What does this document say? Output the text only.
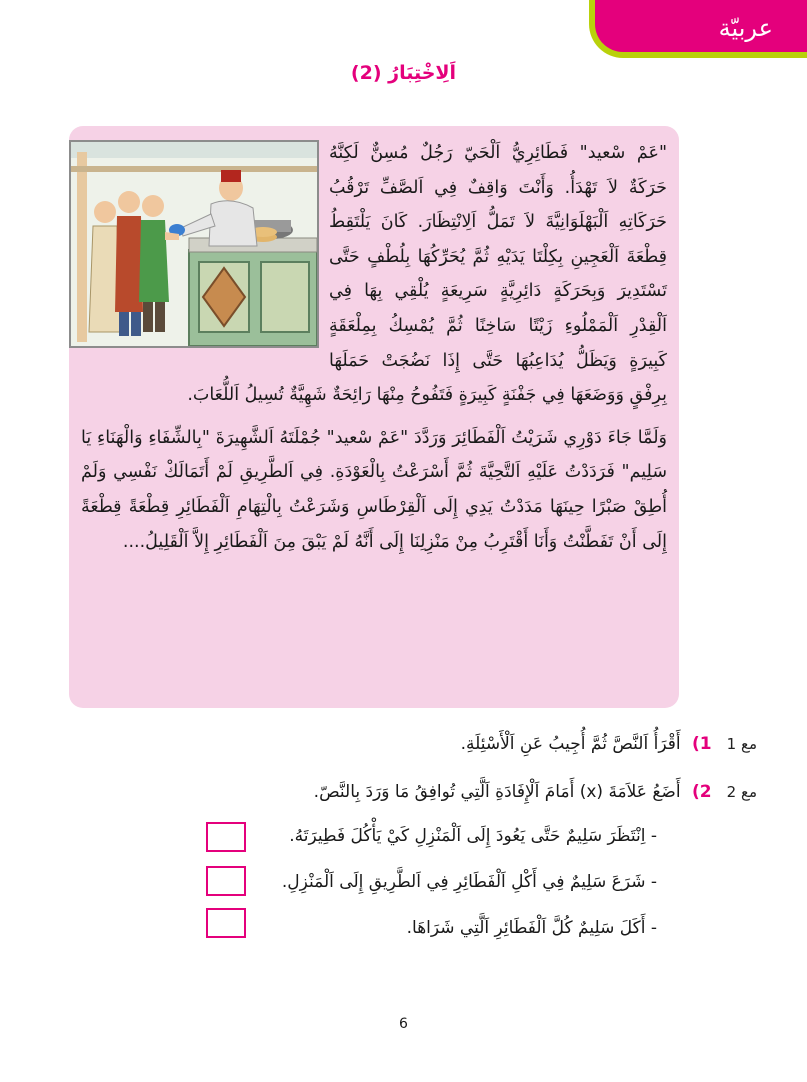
عربيّة
اَلِاخْتِبَارُ (2)

"عَمْ سْعيد" فَطَائِرِيُّ اَلْحَيّ رَجُلٌ مُسِنٌّ لَكِنَّهُ حَرَكَةٌ لاَ تَهْدَأُ. وَأَنْتَ وَاقِفٌ فِي اَلصَّفِّ تَرْقُبُ حَرَكَاتِهِ اَلْبَهْلَوَانِيَّةَ لاَ تَمَلُّ اَلِانْتِظَارَ. كَانَ يَلْتَقِطُ قِطْعَةَ اَلْعَجِينِ بِكِلْتَا يَدَيْهِ ثُمَّ يُحَرِّكُهَا بِلُطْفٍ حَتَّى تَسْتَدِيرَ وَبِحَرَكَةٍ دَائِرِيَّةٍ سَرِيعَةٍ يُلْقِي بِهَا فِي اَلْقِدْرِ اَلْمَمْلُوءِ زَيْتًا سَاخِنًا ثُمَّ يُمْسِكُ بِمِلْعَقَةٍ كَبِيرَةٍ وَيَظَلُّ يُدَاعِبُهَا حَتَّى إِذَا نَضُجَتْ حَمَلَهَا بِرِفْقٍ وَوَضَعَهَا فِي جَفْنَةٍ كَبِيرَةٍ فَتَفُوحُ مِنْهَا رَائِحَةٌ شَهِيَّةٌ تُسِيلُ اَللُّعَابَ.

وَلَمَّا جَاءَ دَوْرِي شَرَيْتُ اَلْفَطَائِرَ وَرَدَّدَ "عَمْ سْعيد" جُمْلَتَهُ اَلشَّهِيرَةَ "بِالشِّفَاءِ وَالْهَنَاءِ يَا سَلِيم" فَرَدَدْتُ عَلَيْهِ اَلتَّحِيَّةَ ثُمَّ أَسْرَعْتُ بِالْعَوْدَةِ. فِي اَلطَّرِيقِ لَمْ أَتَمَالَكْ نَفْسِي وَلَمْ أُطِقْ صَبْرًا حِينَهَا مَدَدْتُ يَدِي إِلَى اَلْقِرْطَاسِ وَشَرَعْتُ بِالْتِهَامِ اَلْفَطَائِرِ قِطْعَةً قِطْعَةً إِلَى أَنْ تَفَطَّنْتُ وَأَنَا أَقْتَرِبُ مِنْ مَنْزِلِنَا إِلَى أَنَّهُ لَمْ يَبْقَ مِنَ اَلْفَطَائِرِ إِلاَّ اَلْقَلِيلُ....

مع 1 1) أَقْرَأُ اَلنَّصَّ ثُمَّ أُجِيبُ عَنِ اَلْأَسْئِلَةِ.
مع 2 2) أَضَعُ عَلاَمَةَ (x) أَمَامَ اَلْإِفَادَةِ اَلَّتِي تُوافِقُ مَا وَرَدَ بِالنَّصّ.
- اِنْتَظَرَ سَلِيمٌ حَتَّى يَعُودَ إِلَى اَلْمَنْزِلِ كَيْ يَأْكُلَ فَطِيرَتَهُ.
- شَرَعَ سَلِيمٌ فِي أَكْلِ اَلْفَطَائِرِ فِي اَلطَّرِيقِ إِلَى اَلْمَنْزِلِ.
- أَكَلَ سَلِيمٌ كُلَّ اَلْفَطَائِرِ اَلَّتِي شَرَاهَا.
6
